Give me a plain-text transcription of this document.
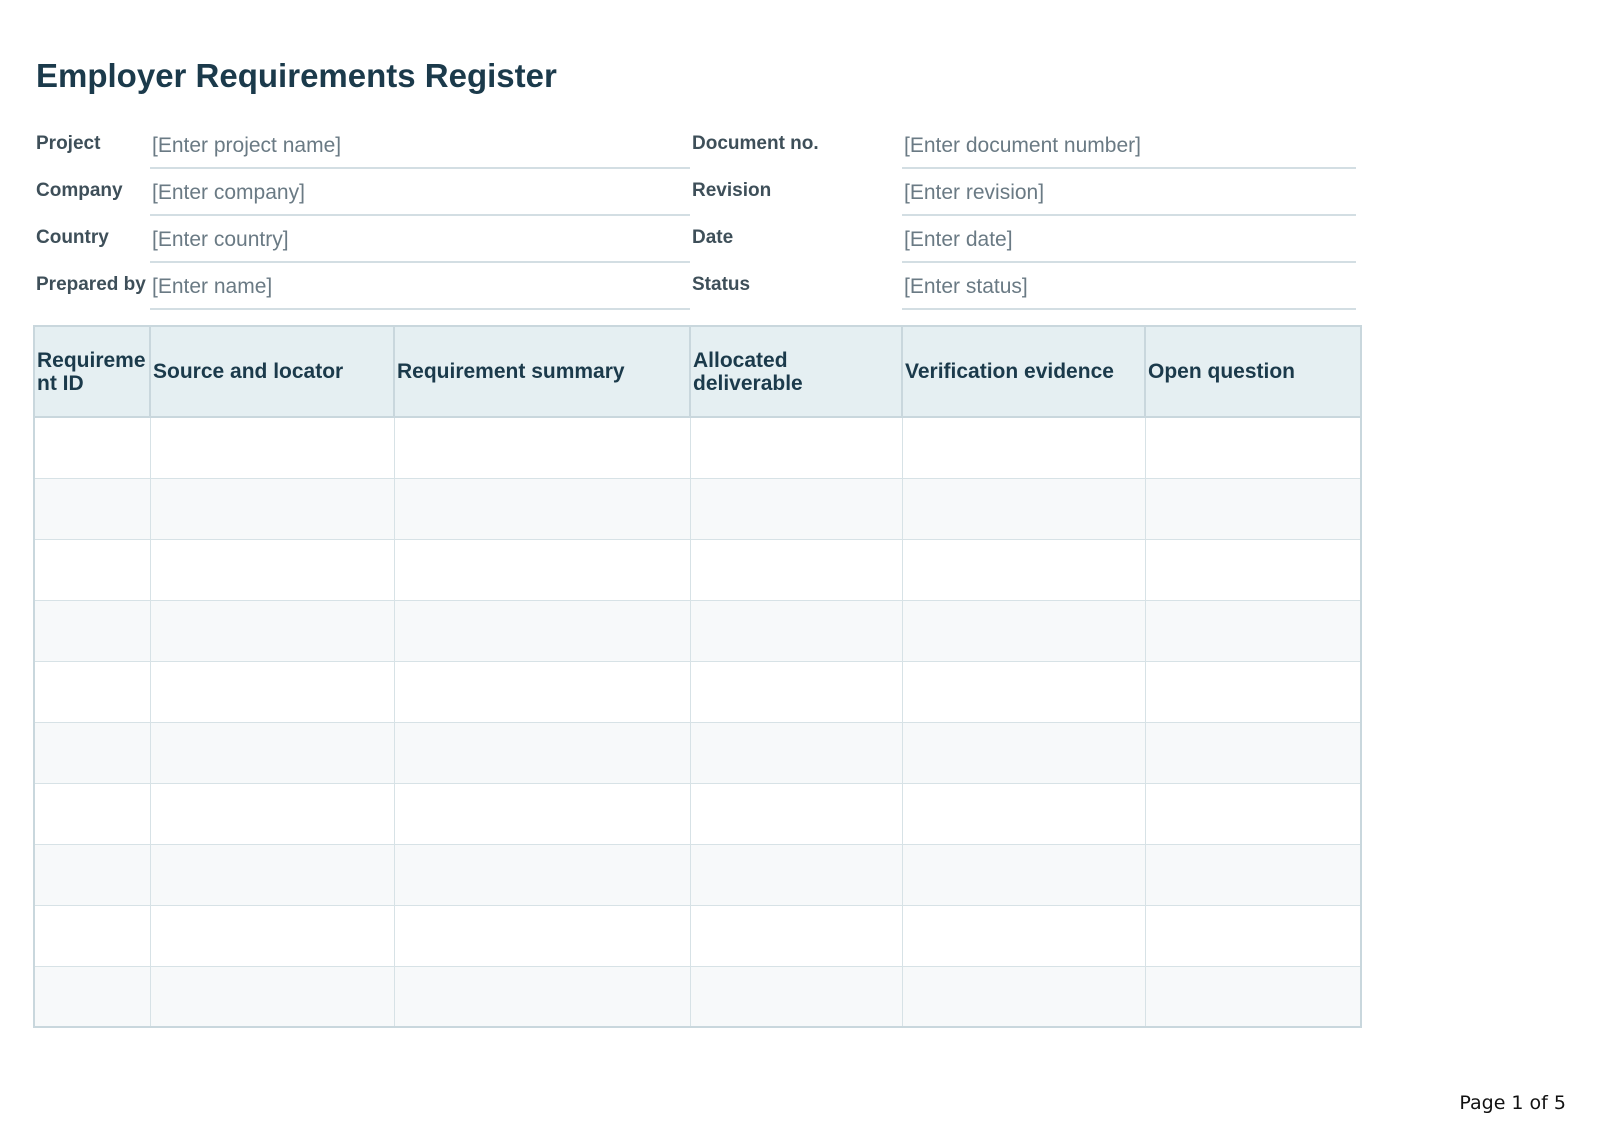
Employer Requirements Register
Project [Enter project name]
Company [Enter company]
Country [Enter country]
Prepared by [Enter name]
Document no.	[Enter document number]
Revision	[Enter revision]
Date	[Enter date]
Status	[Enter status]
Requirement ID	Source and locator	Requirement summary	Allocated deliverable	Verification evidence	Open question

Page 1 of 5
